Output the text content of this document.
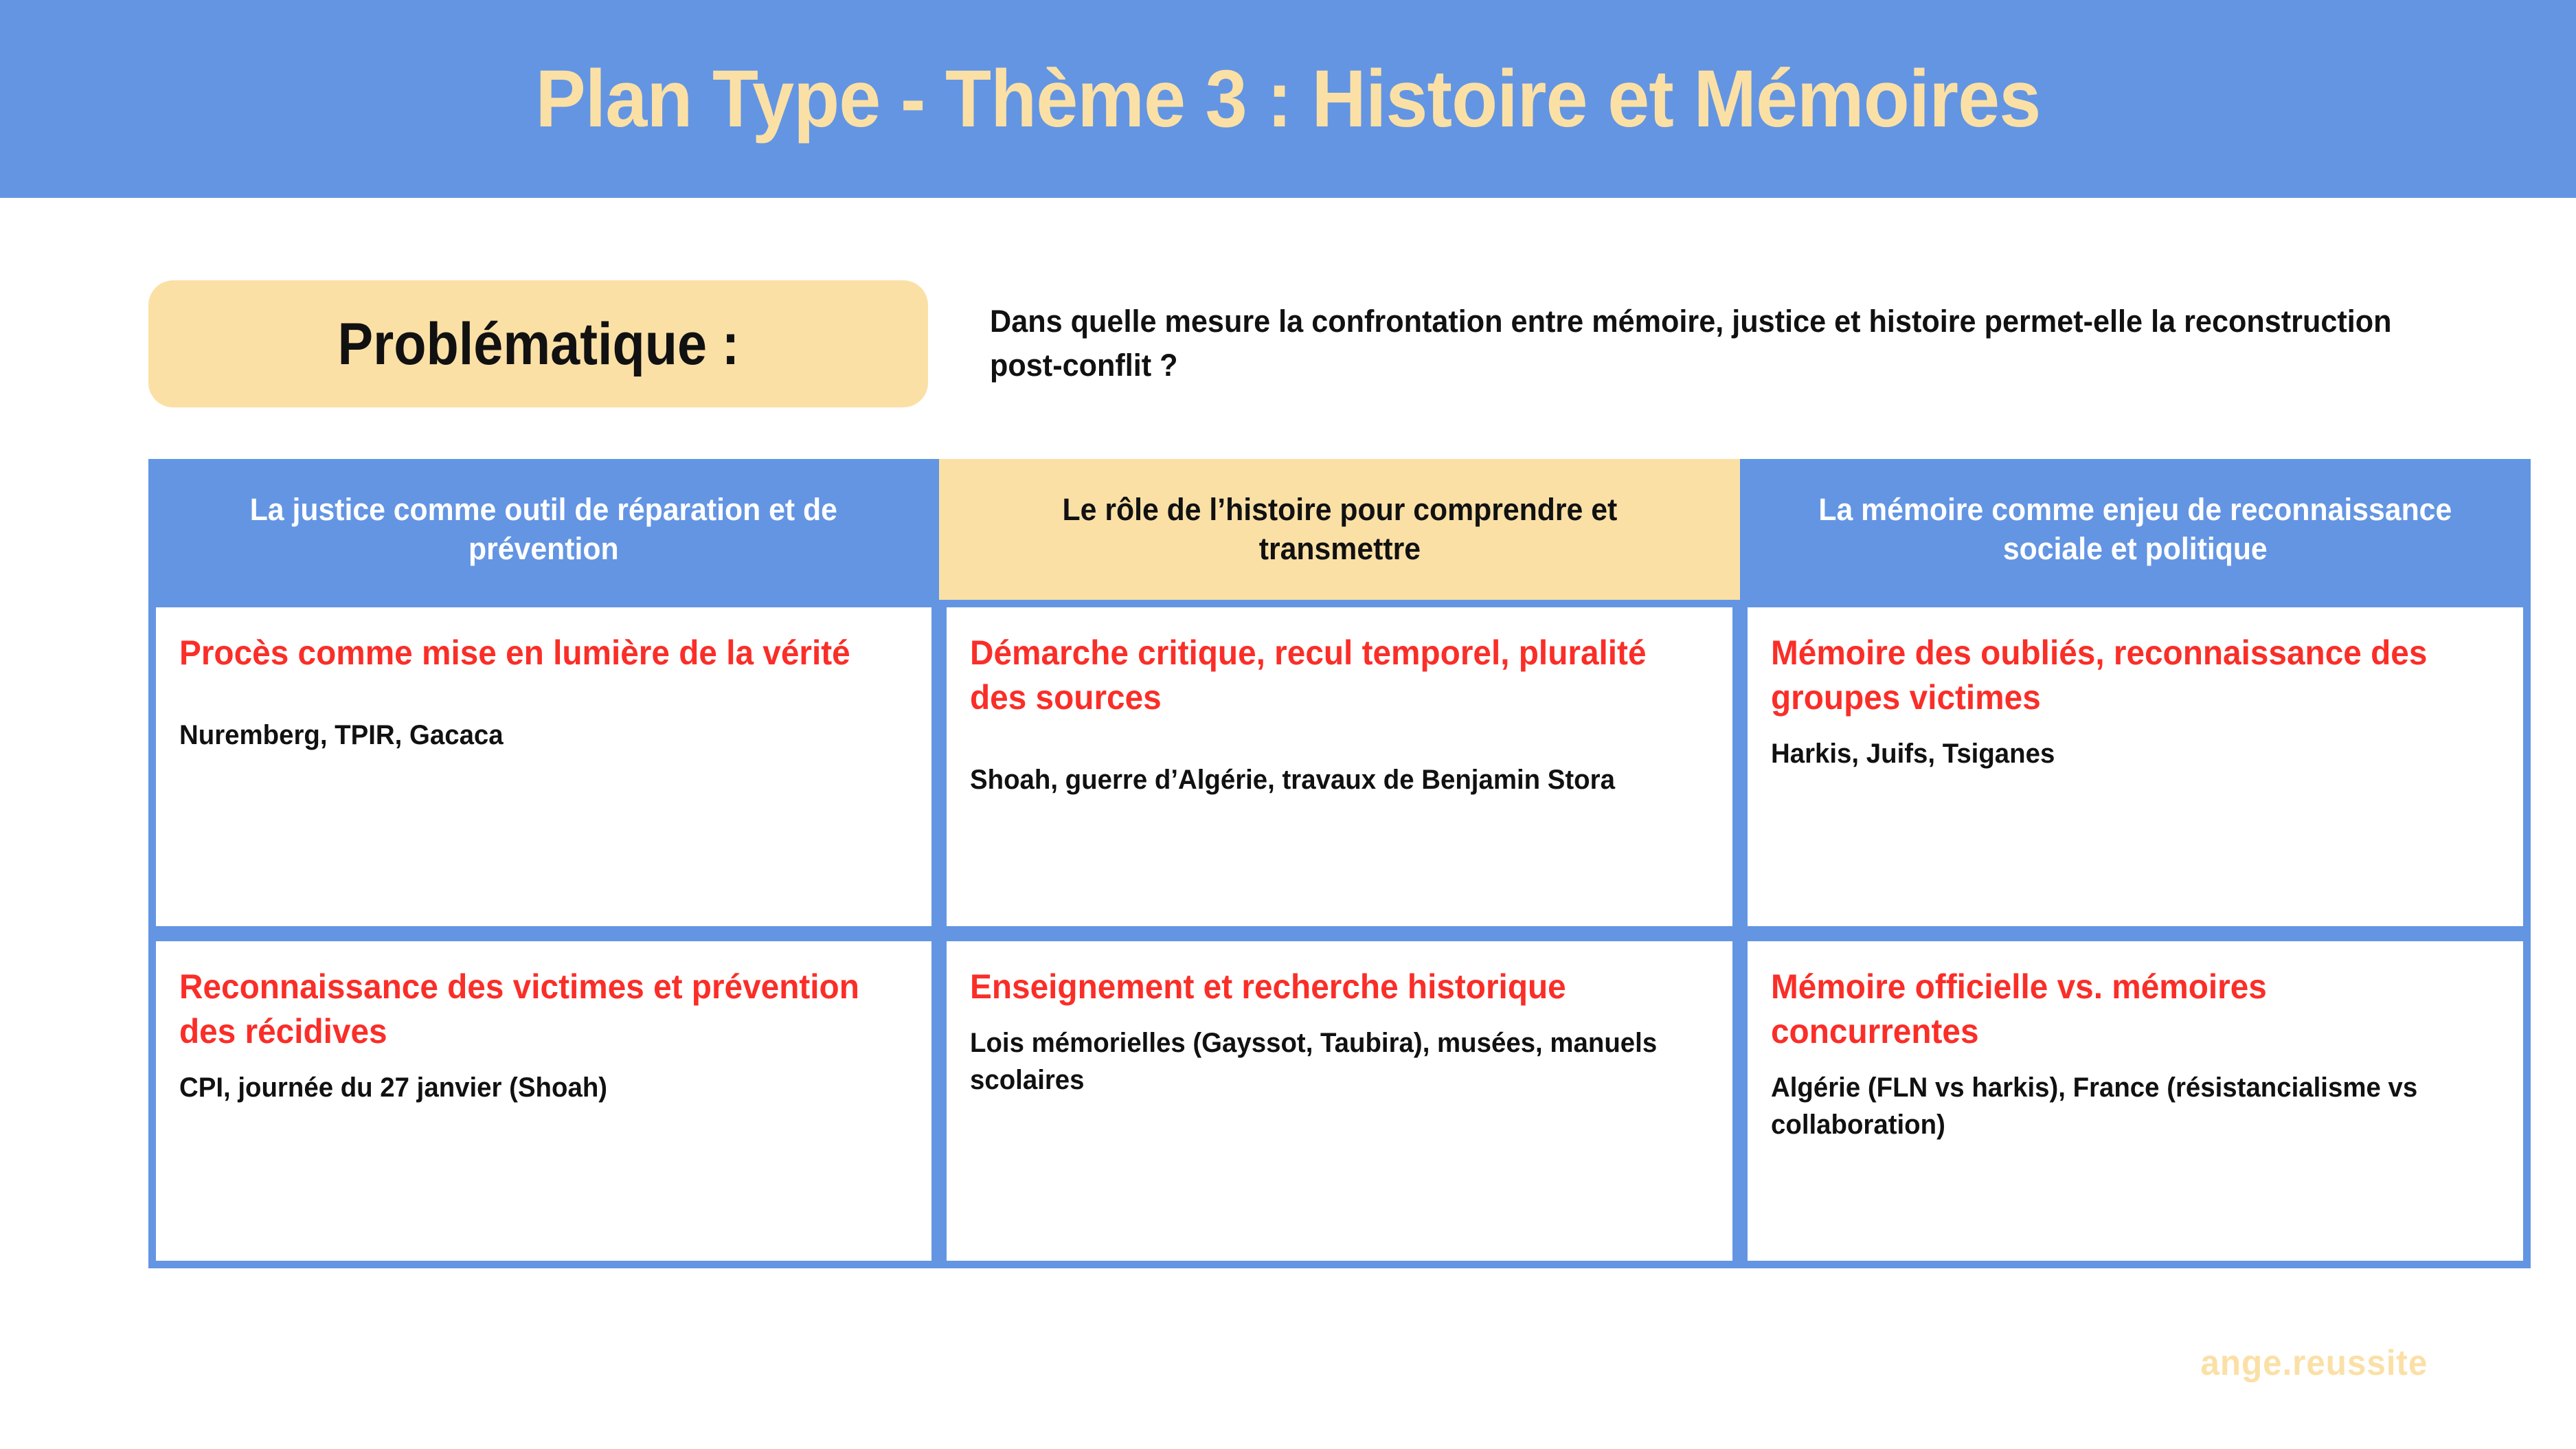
Plan Type - Thème 3 : Histoire et Mémoires
Problématique :	Dans quelle mesure la confrontation entre mémoire, justice et histoire permet-elle la reconstruction post-conflit ?
La justice comme outil de réparation et de prévention
Le rôle de l’histoire pour comprendre et transmettre
La mémoire comme enjeu de reconnaissance sociale et politique

Procès comme mise en lumière de la vérité

Nuremberg, TPIR, Gacaca

Démarche critique, recul temporel, pluralité des sources

Shoah, guerre d’Algérie, travaux de Benjamin Stora

Mémoire des oubliés, reconnaissance des groupes victimes

Harkis, Juifs, Tsiganes

Reconnaissance des victimes et prévention des récidives

CPI, journée du 27 janvier (Shoah)

Enseignement et recherche historique

Lois mémorielles (Gayssot, Taubira), musées, manuels scolaires

Mémoire officielle vs. mémoires concurrentes

Algérie (FLN vs harkis), France (résistancialisme vs collaboration)

ange.reussite
